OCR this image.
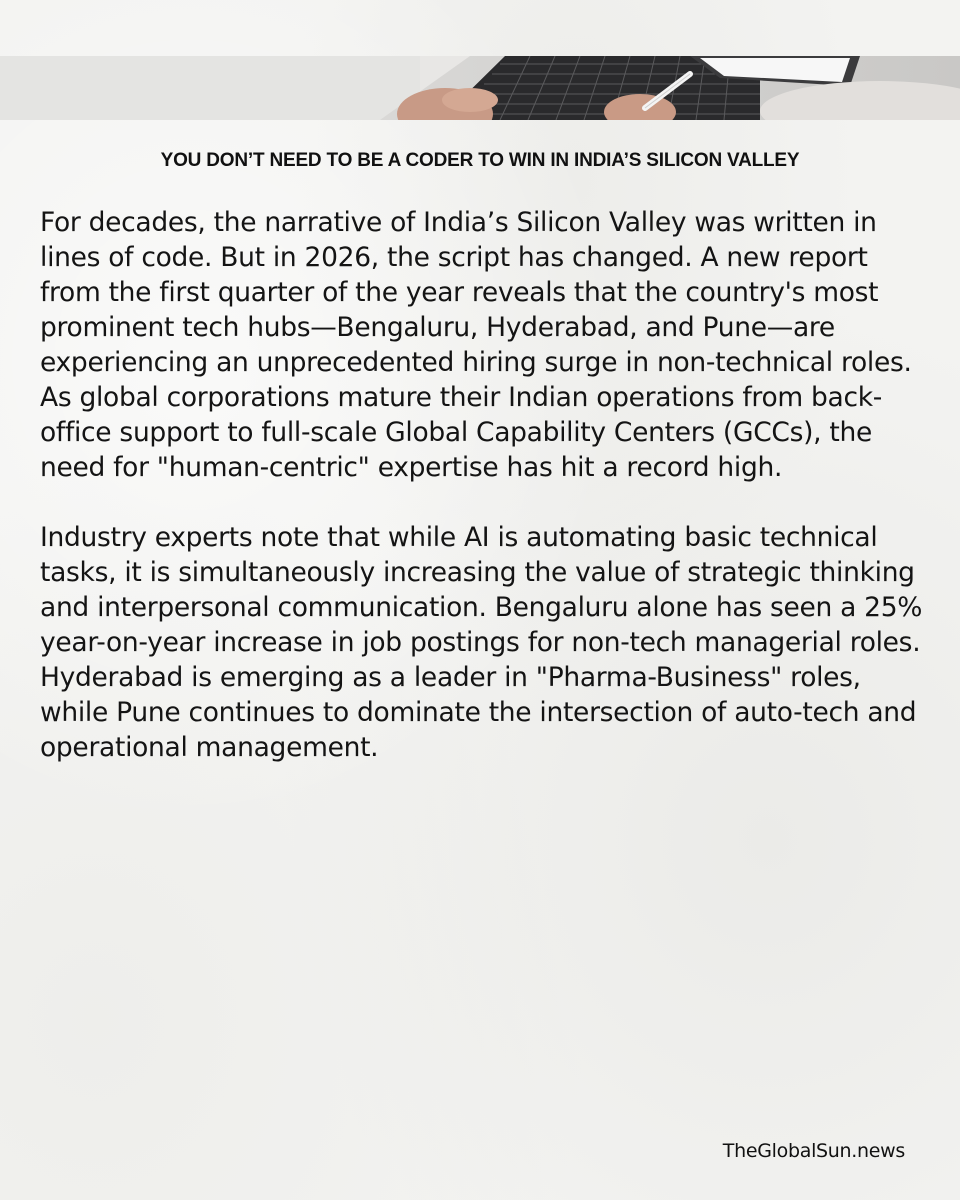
YOU DON’T NEED TO BE A CODER TO WIN IN INDIA’S SILICON VALLEY

For decades, the narrative of India’s Silicon Valley was written in lines of code. But in 2026, the script has changed. A new report from the first quarter of the year reveals that the country's most prominent tech hubs—Bengaluru, Hyderabad, and Pune—are experiencing an unprecedented hiring surge in non-technical roles.

As global corporations mature their Indian operations from back-office support to full-scale Global Capability Centers (GCCs), the need for "human-centric" expertise has hit a record high.

Industry experts note that while AI is automating basic technical tasks, it is simultaneously increasing the value of strategic thinking and interpersonal communication. Bengaluru alone has seen a 25% year-on-year increase in job postings for non-tech managerial roles. Hyderabad is emerging as a leader in "Pharma-Business" roles, while Pune continues to dominate the intersection of auto-tech and operational management.

TheGlobalSun.news
